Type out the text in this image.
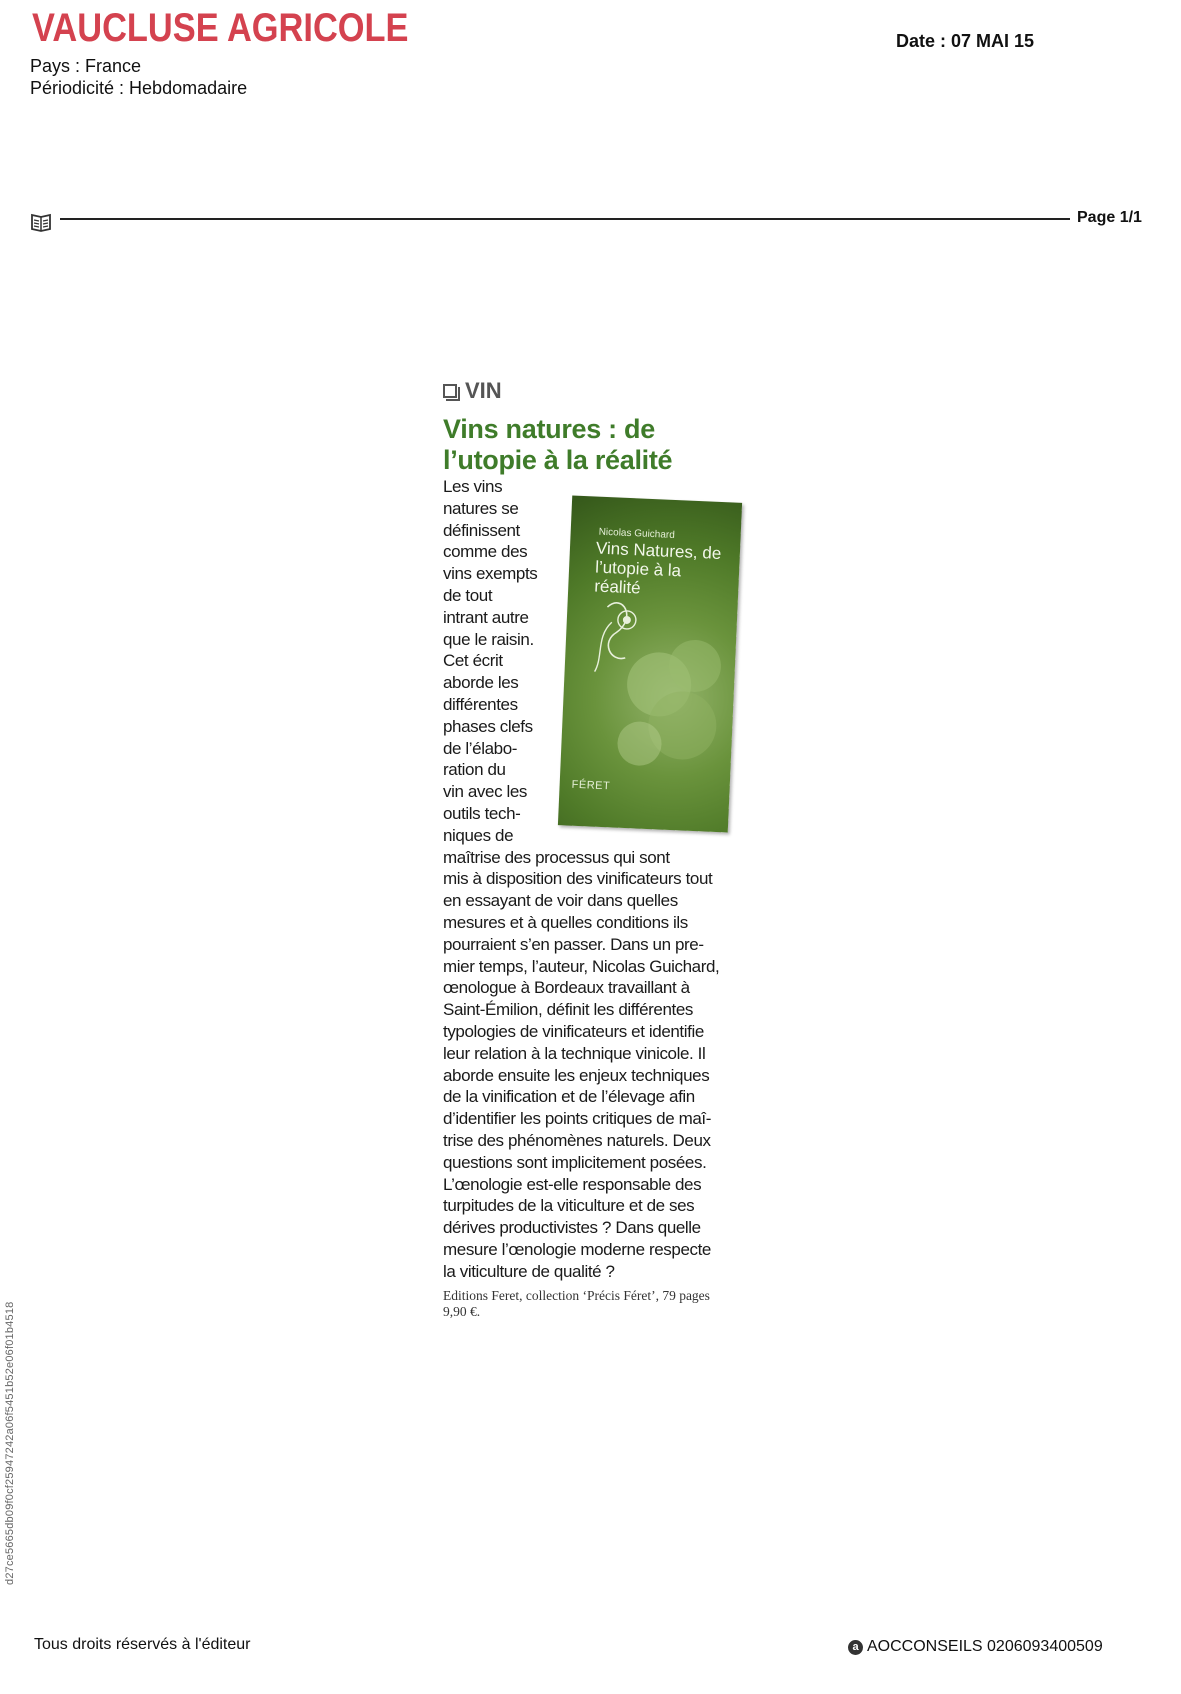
VAUCLUSE AGRICOLE
Pays : France
Périodicité : Hebdomadaire
Date : 07 MAI 15
Page 1/1
VIN
Vins natures : de
l’utopie à la réalité
Les vins
natures se
définissent
comme des
vins exempts
de tout
intrant autre
que le raisin.
Cet écrit
aborde les
différentes
phases clefs
de l’élabo-
ration du
vin avec les
outils tech-
niques de
maîtrise des processus qui sont
mis à disposition des vinificateurs tout
en essayant de voir dans quelles
mesures et à quelles conditions ils
pourraient s’en passer. Dans un pre-
mier temps, l’auteur, Nicolas Guichard,
œnologue à Bordeaux travaillant à
Saint-Émilion, définit les différentes
typologies de vinificateurs et identifie
leur relation à la technique vinicole. Il
aborde ensuite les enjeux techniques
de la vinification et de l’élevage afin
d’identifier les points critiques de maî-
trise des phénomènes naturels. Deux
questions sont implicitement posées.
L’œnologie est-elle responsable des
turpitudes de la viticulture et de ses
dérives productivistes ? Dans quelle
mesure l’œnologie moderne respecte
la viticulture de qualité ?
Editions Feret, collection ‘Précis Féret’, 79 pages
9,90 €.
Nicolas Guichard
Vins Natures, de l’utopie à la réalité
FÉRET
d27ce5665db09f0cf25947242a06f5451b52e06f01b4518
Tous droits réservés à l'éditeur	a AOCCONSEILS 0206093400509
